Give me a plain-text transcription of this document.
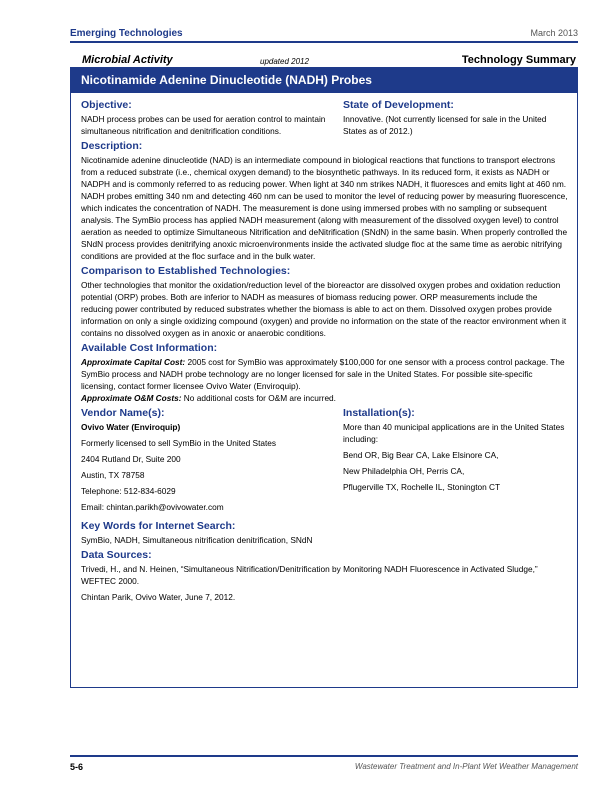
Emerging Technologies	March 2013
Microbial Activity	updated 2012	Technology Summary
Nicotinamide Adenine Dinucleotide (NADH) Probes
Objective:

NADH process probes can be used for aeration control to maintain simultaneous nitrification and denitrification conditions.

State of Development:

Innovative. (Not currently licensed for sale in the United States as of 2012.)

Description:

Nicotinamide adenine dinucleotide (NAD) is an intermediate compound in biological reactions that functions to transport electrons from a reduced substrate (i.e., chemical oxygen demand) to the biosynthetic pathways. In its reduced form, it exists as NADH or NADPH and is commonly referred to as reducing power. When light at 340 nm strikes NADH, it fluoresces and emits light at 460 nm. NADH probes emitting 340 nm and detecting 460 nm can be used to monitor the level of reducing power by measuring fluorescence, which indicates the concentration of NADH. The measurement is done using immersed probes with no sampling or subsequent analysis. The SymBio process has applied NADH measurement (along with measurement of the dissolved oxygen level) to control aeration as needed to optimize Simultaneous Nitrification and deNitrification (SNdN) in the same basin. When properly controlled the SNdN process provides denitrifying anoxic microenvironments inside the activated sludge floc at the same time as aerobic nitrifying conditions are provided at the floc surface and in the bulk water.

Comparison to Established Technologies:

Other technologies that monitor the oxidation/reduction level of the bioreactor are dissolved oxygen probes and oxidation reduction potential (ORP) probes. Both are inferior to NADH as measures of biomass reducing power. ORP measurements include the reducing power contributed by reduced substrates whether the biomass is able to act on them. Dissolved oxygen probes provide information on only a single oxidizing compound (oxygen) and provide no information on the state of the reactor environment when it contains no dissolved oxygen as in anoxic or anaerobic conditions.

Available Cost Information:

Approximate Capital Cost: 2005 cost for SymBio was approximately $100,000 for one sensor with a process control package. The SymBio process and NADH probe technology are no longer licensed for sale in the United States. For possible site-specific licensing, contact former licensee Ovivo Water (Enviroquip).

Approximate O&M Costs: No additional costs for O&M are incurred.

Vendor Name(s):

Ovivo Water (Enviroquip)

Formerly licensed to sell SymBio in the United States

2404 Rutland Dr, Suite 200

Austin, TX 78758

Telephone: 512-834-6029

Email: chintan.parikh@ovivowater.com

Installation(s):

More than 40 municipal applications are in the United States including:

Bend OR, Big Bear CA, Lake Elsinore CA,

New Philadelphia OH, Perris CA,

Pflugerville TX, Rochelle IL, Stonington CT

Key Words for Internet Search:

SymBio, NADH, Simultaneous nitrification denitrification, SNdN

Data Sources:

Trivedi, H., and N. Heinen, “Simultaneous Nitrification/Denitrification by Monitoring NADH Fluorescence in Activated Sludge,” WEFTEC 2000.

Chintan Parik, Ovivo Water, June 7, 2012.

5-6	Wastewater Treatment and In-Plant Wet Weather Management
